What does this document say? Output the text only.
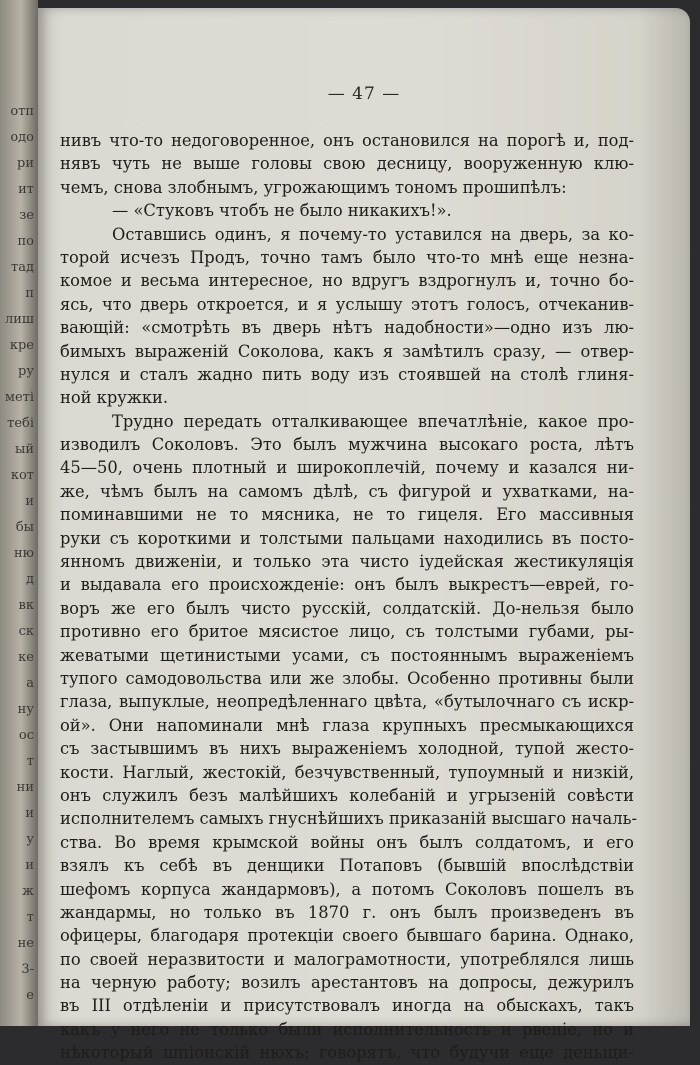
отп
одо
ри
ит
зе
по
тад
п
лиш
кре
ру
меті
тебі
ый
кот
и
бы
ню
д
вк
ск
ке
а
ну
ос
т
ни
и
у
и
ж
т
не
3-
е
— 47 —
нивъ что-то недоговоренное, онъ остановился на порогѣ и, под-
нявъ чуть не выше головы свою десницу, вооруженную клю-
чемъ, снова злобнымъ, угрожающимъ тономъ прошипѣлъ:
— «Стуковъ чтобъ не было никакихъ!».
Оставшись одинъ, я почему-то уставился на дверь, за ко-
торой исчезъ Продъ, точно тамъ было что-то мнѣ еще незна-
комое и весьма интересное, но вдругъ вздрогнулъ и, точно бо-
ясь, что дверь откроется, и я услышу этотъ голосъ, отчеканив-
вающій: «смотрѣть въ дверь нѣтъ надобности»—одно изъ лю-
бимыхъ выраженій Соколова, какъ я замѣтилъ сразу, — отвер-
нулся и сталъ жадно пить воду изъ стоявшей на столѣ глиня-
ной кружки.
Трудно передать отталкивающее впечатлѣніе, какое про-
изводилъ Соколовъ. Это былъ мужчина высокаго роста, лѣтъ
45—50, очень плотный и широкоплечій, почему и казался ни-
же, чѣмъ былъ на самомъ дѣлѣ, съ фигурой и ухватками, на-
поминавшими не то мясника, не то гицеля. Его массивныя
руки съ короткими и толстыми пальцами находились въ посто-
янномъ движеніи, и только эта чисто іудейская жестикуляція
и выдавала его происхожденіе: онъ былъ выкрестъ—еврей, го-
воръ же его былъ чисто русскій, солдатскій. До-нельзя было
противно его бритое мясистое лицо, съ толстыми губами, ры-
жеватыми щетинистыми усами, съ постояннымъ выраженіемъ
тупого самодовольства или же злобы. Особенно противны были
глаза, выпуклые, неопредѣленнаго цвѣта, «бутылочнаго съ искр-
ой». Они напоминали мнѣ глаза крупныхъ пресмыкающихся
съ застывшимъ въ нихъ выраженіемъ холодной, тупой жесто-
кости. Наглый, жестокій, безчувственный, тупоумный и низкій,
онъ служилъ безъ малѣйшихъ колебаній и угрызеній совѣсти
исполнителемъ самыхъ гнуснѣйшихъ приказаній высшаго началь-
ства. Во время крымской войны онъ былъ солдатомъ, и его
взялъ къ себѣ въ денщики Потаповъ (бывшій впослѣдствіи
шефомъ корпуса жандармовъ), а потомъ Соколовъ пошелъ въ
жандармы, но только въ 1870 г. онъ былъ произведенъ въ
офицеры, благодаря протекціи своего бывшаго барина. Однако,
по своей неразвитости и малограмотности, употреблялся лишь
на черную работу; возилъ арестантовъ на допросы, дежурилъ
въ III отдѣленіи и присутствовалъ иногда на обыскахъ, такъ
какъ у него не только были исполнительность и рвеніе, но и
нѣкоторый шпіонскій нюхъ; говорятъ, что будучи еще деньщи-
